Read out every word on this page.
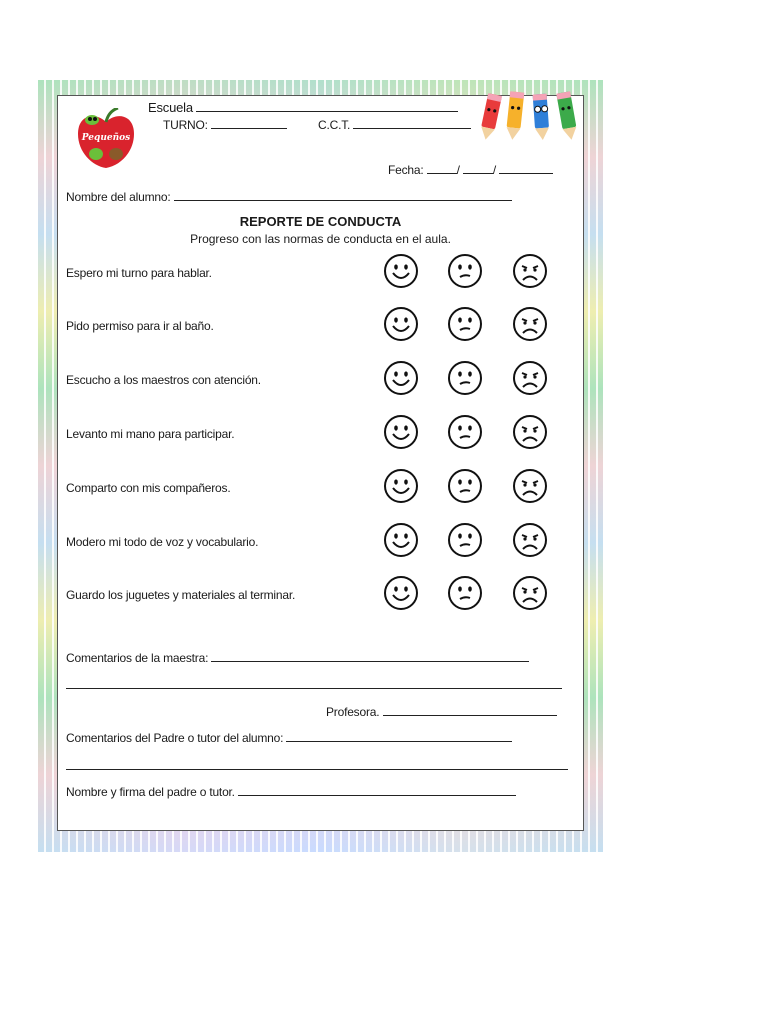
Pequeños
Escuela
TURNO:	C.C.T.
Fecha:	/	/
Nombre del alumno:
REPORTE DE CONDUCTA
Progreso con las normas de conducta en el aula.
Espero mi turno para hablar.
Pido permiso para ir al baño.
Escucho a los maestros con atención.
Levanto mi mano para participar.
Comparto con mis compañeros.
Modero mi todo de voz y vocabulario.
Guardo los juguetes y materiales al terminar.
Comentarios de la maestra:
Profesora.
Comentarios del Padre o tutor del alumno:
Nombre y firma del padre o tutor.
